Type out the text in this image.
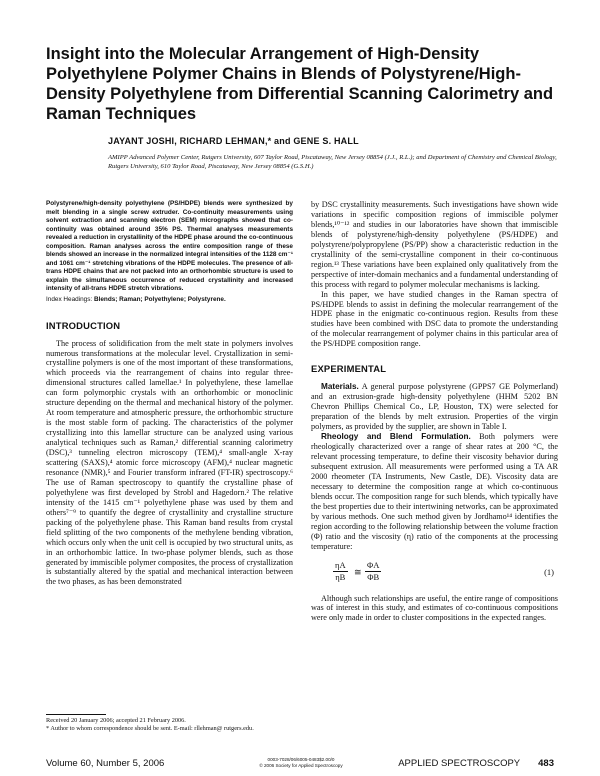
Insight into the Molecular Arrangement of High-Density Polyethylene Polymer Chains in Blends of Polystyrene/High-Density Polyethylene from Differential Scanning Calorimetry and Raman Techniques

JAYANT JOSHI, RICHARD LEHMAN,* and GENE S. HALL

AMIPP Advanced Polymer Center, Rutgers University, 607 Taylor Road, Piscataway, New Jersey 08854 (J.J., R.L.); and Department of Chemistry and Chemical Biology, Rutgers University, 610 Taylor Road, Piscataway, New Jersey 08854 (G.S.H.)

Polystyrene/high-density polyethylene (PS/HDPE) blends were synthesized by melt blending in a single screw extruder. Co-continuity measurements using solvent extraction and scanning electron (SEM) micrographs showed that co-continuity was obtained around 35% PS. Thermal analyses measurements revealed a reduction in crystallinity of the HDPE phase around the co-continuous composition. Raman analyses across the entire composition range of these blends showed an increase in the normalized integral intensities of the 1128 cm⁻¹ and 1061 cm⁻¹ stretching vibrations of the HDPE molecules. The presence of all-trans HDPE chains that are not packed into an orthorhombic structure is used to explain the simultaneous occurrence of reduced crystallinity and increased intensity of all-trans HDPE stretch vibrations.

Index Headings: Blends; Raman; Polyethylene; Polystyrene.

INTRODUCTION

The process of solidification from the melt state in polymers involves numerous transformations at the molecular level. Crystallization in semi-crystalline polymers is one of the most important of these transformations, which proceeds via the rearrangement of chains into regular three-dimensional structures called lamellae.¹ In polyethylene, these lamellae can form polymorphic crystals with an orthorhombic or monoclinic structure depending on the thermal and mechanical history of the polymer. At room temperature and atmospheric pressure, the orthorhombic structure is the most stable form of packing. The characteristics of the polymer crystallizing into this lamellar structure can be analyzed using various analytical techniques such as Raman,² differential scanning calorimetry (DSC),³ tunneling electron microscopy (TEM),⁴ small-angle X-ray scattering (SAXS),⁴ atomic force microscopy (AFM),⁴ nuclear magnetic resonance (NMR),⁵ and Fourier transform infrared (FT-IR) spectroscopy.⁶ The use of Raman spectroscopy to quantify the crystalline phase of polyethylene was first developed by Strobl and Hagedorn.² The relative intensity of the 1415 cm⁻¹ polyethylene phase was used by them and others⁷⁻⁹ to quantify the degree of crystallinity and crystalline structure packing of the polyethylene phase. This Raman band results from crystal field splitting of the two components of the methylene bending vibration, which occurs only when the unit cell is occupied by two structural units, as in an orthorhombic lattice. In two-phase polymer blends, such as those generated by immiscible polymer composites, the process of crystallization is substantially altered by the spatial and mechanical interaction between the two phases, as has been demonstrated

by DSC crystallinity measurements. Such investigations have shown wide variations in specific composition regions of immiscible polymer blends,¹⁰⁻¹² and studies in our laboratories have shown that immiscible blends of polystyrene/high-density polyethylene (PS/HDPE) and polystyrene/polypropylene (PS/PP) show a characteristic reduction in the crystallinity of the semi-crystalline component in their co-continuous region.¹³ These variations have been explained only qualitatively from the perspective of inter-domain mechanics and a fundamental understanding of this process with regard to polymer molecular mechanisms is lacking.

In this paper, we have studied changes in the Raman spectra of PS/HDPE blends to assist in defining the molecular rearrangement of the HDPE phase in the enigmatic co-continuous region. Results from these studies have been combined with DSC data to promote the understanding of the molecular rearrangement of polymer chains in this particular area of the PS/HDPE composition range.

EXPERIMENTAL

Materials. A general purpose polystyrene (GPPS7 GE Polymerland) and an extrusion-grade high-density polyethylene (HHM 5202 BN Chevron Phillips Chemical Co., LP, Houston, TX) were selected for preparation of the blends by melt extrusion. Properties of the virgin polymers, as provided by the supplier, are shown in Table I.

Rheology and Blend Formulation. Both polymers were rheologically characterized over a range of shear rates at 200 °C, the relevant processing temperature, to define their viscosity behavior during subsequent extrusion. All measurements were performed using a TA AR 2000 rheometer (TA Instruments, New Castle, DE). Viscosity data are necessary to determine the composition range at which co-continuous blends occur. The composition range for such blends, which typically have the best properties due to their intertwining networks, can be approximated by various methods. One such method given by Jordhamo¹⁴ identifies the region according to the following relationship between the volume fraction (Φ) ratio and the viscosity (η) ratio of the components at the processing temperature:

$\frac{\eta A}{\eta B}$ ≅ $\frac{\Phi A}{\Phi B}$	(1)

Although such relationships are useful, the entire range of compositions was of interest in this study, and estimates of co-continuous compositions were only made in order to cluster compositions in the expected ranges.

Received 20 January 2006; accepted 21 February 2006.

* Author to whom correspondence should be sent. E-mail: rllehman@ rutgers.edu.

Volume 60, Number 5, 2006	0003-7028/06/6005-0483$2.00/0
© 2006 Society for Applied Spectroscopy	APPLIED SPECTROSCOPY 483
